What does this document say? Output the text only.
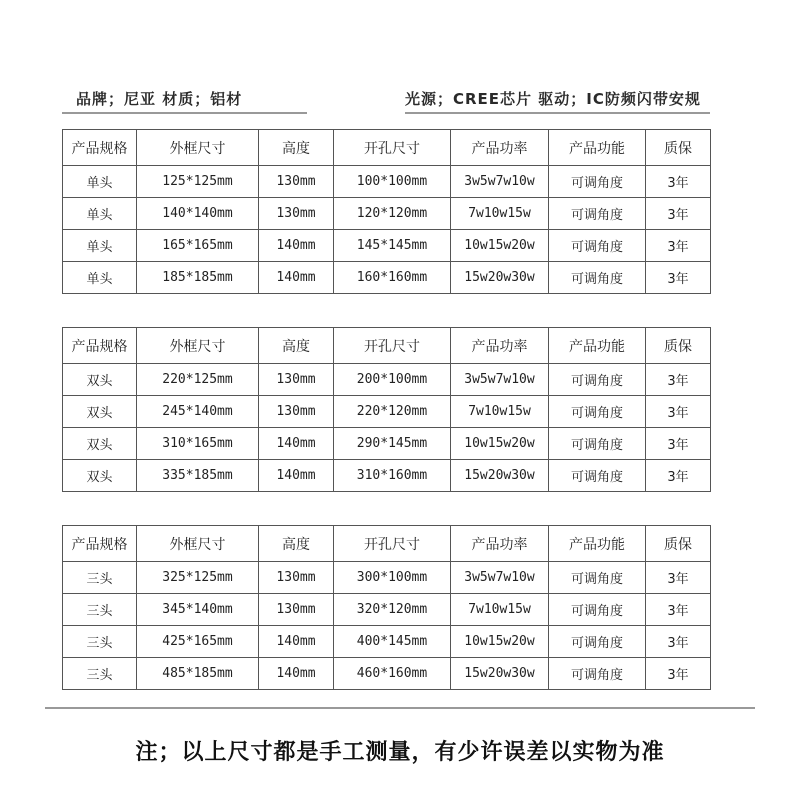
品牌；尼亚 材质；铝材	光源；CREE芯片 驱动；IC防频闪带安规
产品规格	外框尺寸	高度	开孔尺寸	产品功率	产品功能	质保
单头	125*125mm	130mm	100*100mm	3w5w7w10w	可调角度	3年
单头	140*140mm	130mm	120*120mm	7w10w15w	可调角度	3年
单头	165*165mm	140mm	145*145mm	10w15w20w	可调角度	3年
单头	185*185mm	140mm	160*160mm	15w20w30w	可调角度	3年
产品规格	外框尺寸	高度	开孔尺寸	产品功率	产品功能	质保
双头	220*125mm	130mm	200*100mm	3w5w7w10w	可调角度	3年
双头	245*140mm	130mm	220*120mm	7w10w15w	可调角度	3年
双头	310*165mm	140mm	290*145mm	10w15w20w	可调角度	3年
双头	335*185mm	140mm	310*160mm	15w20w30w	可调角度	3年
产品规格	外框尺寸	高度	开孔尺寸	产品功率	产品功能	质保
三头	325*125mm	130mm	300*100mm	3w5w7w10w	可调角度	3年
三头	345*140mm	130mm	320*120mm	7w10w15w	可调角度	3年
三头	425*165mm	140mm	400*145mm	10w15w20w	可调角度	3年
三头	485*185mm	140mm	460*160mm	15w20w30w	可调角度	3年
注；以上尺寸都是手工测量，有少许误差以实物为准
